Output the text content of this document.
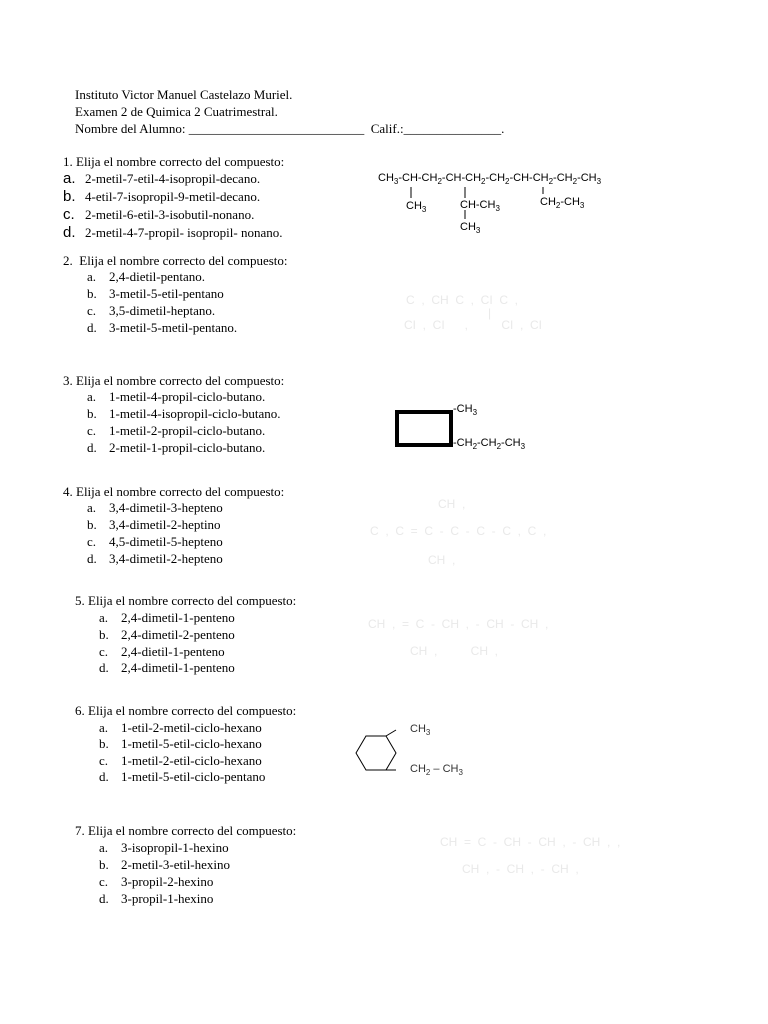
Instituto Victor Manuel Castelazo Muriel.
Examen 2 de Quimica 2 Cuatrimestral.
Nombre del Alumno: ___________________________  Calif.:_______________.
1. Elija el nombre correcto del compuesto:
a. 2-metil-7-etil-4-isopropil-decano.
b. 4-etil-7-isopropil-9-metil-decano.
c. 2-metil-6-etil-3-isobutil-nonano.
d. 2-metil-4-7-propil- isopropil- nonano.
$CH_3-CH-CH_2-CH-CH_2-CH_2-CH-CH_2-CH_2-CH_3$
$CH_3$	$CH-CH_3$
$CH_3$
$CH_2-CH_3$
2.  Elija el nombre correcto del compuesto:
a. 2,4-dietil-pentano.
b. 3-metil-5-etil-pentano
c. 3,5-dimetil-heptano.
d. 3-metil-5-metil-pentano.
C  ,  CH  C  ,  CI  C  ,
|
CI  ,  CI      ,          CI  ,  CI
3. Elija el nombre correcto del compuesto:
a. 1-metil-4-propil-ciclo-butano.
b. 1-metil-4-isopropil-ciclo-butano.
c. 1-metil-2-propil-ciclo-butano.
d. 2-metil-1-propil-ciclo-butano.
$-CH_3$
$-CH_2-CH_2-CH_3$
4. Elija el nombre correcto del compuesto:
a. 3,4-dimetil-3-hepteno
b. 3,4-dimetil-2-heptino
c. 4,5-dimetil-5-hepteno
d. 3,4-dimetil-2-hepteno
CH  ,
C  ,  C  =  C  -  C  -  C  -  C  ,  C  ,
CH  ,
5. Elija el nombre correcto del compuesto:
a. 2,4-dimetil-1-penteno
b. 2,4-dimetil-2-penteno
c. 2,4-dietil-1-penteno
d. 2,4-dimetil-1-penteno
CH  ,  =  C  -  CH  ,  -  CH  -  CH  ,
CH  ,          CH  ,
6. Elija el nombre correcto del compuesto:
a. 1-etil-2-metil-ciclo-hexano
b. 1-metil-5-etil-ciclo-hexano
c. 1-metil-2-etil-ciclo-hexano
d. 1-metil-5-etil-ciclo-pentano
$CH_3$
$CH_2 - CH_3$
7. Elija el nombre correcto del compuesto:
a. 3-isopropil-1-hexino
b. 2-metil-3-etil-hexino
c. 3-propil-2-hexino
d. 3-propil-1-hexino
CH  =  C  -  CH  -  CH  ,  -  CH  ,  ,
CH  ,  -  CH  ,  -  CH  ,
